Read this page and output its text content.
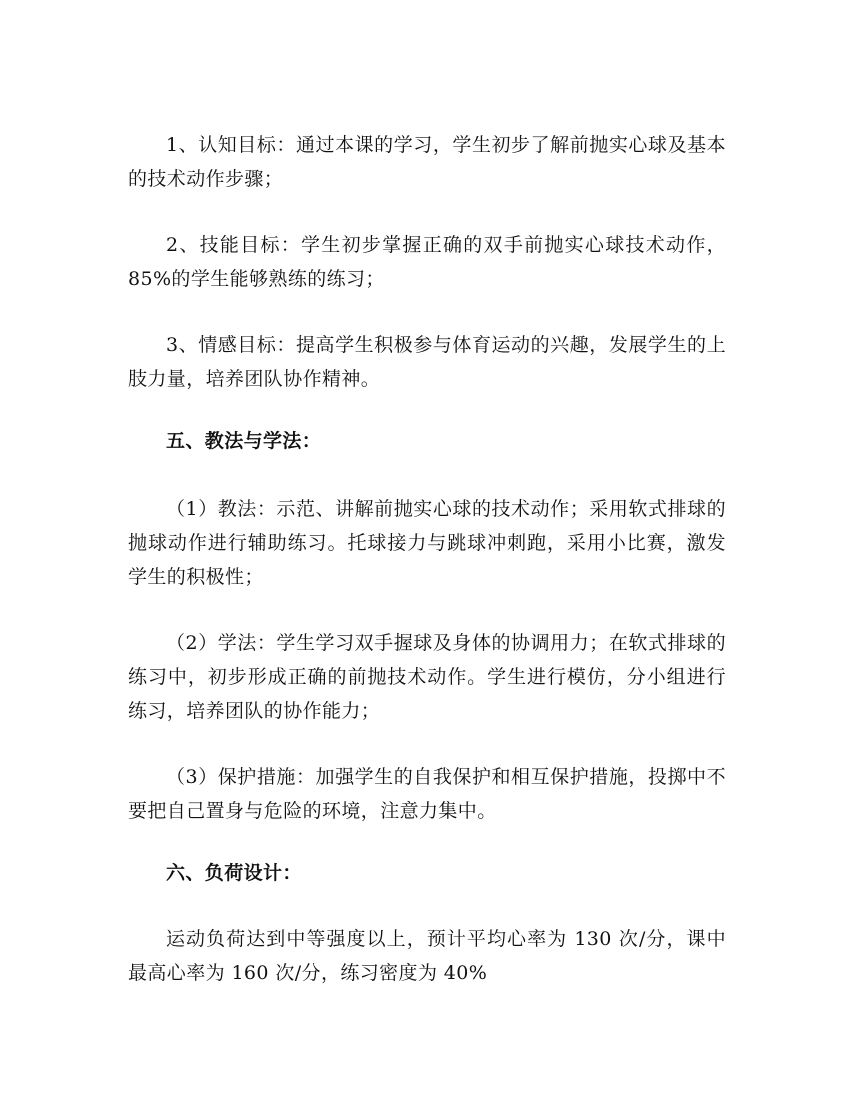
1、认知目标：通过本课的学习，学生初步了解前抛实心球及基本的技术动作步骤；

2、技能目标：学生初步掌握正确的双手前抛实心球技术动作，85%的学生能够熟练的练习；

3、情感目标：提高学生积极参与体育运动的兴趣，发展学生的上肢力量，培养团队协作精神。

五、教法与学法：

（1）教法：示范、讲解前抛实心球的技术动作；采用软式排球的抛球动作进行辅助练习。托球接力与跳球冲刺跑，采用小比赛，激发学生的积极性；

（2）学法：学生学习双手握球及身体的协调用力；在软式排球的练习中，初步形成正确的前抛技术动作。学生进行模仿，分小组进行练习，培养团队的协作能力；

（3）保护措施：加强学生的自我保护和相互保护措施，投掷中不要把自己置身与危险的环境，注意力集中。

六、负荷设计：

运动负荷达到中等强度以上，预计平均心率为 130 次/分，课中最高心率为 160 次/分，练习密度为 40%
